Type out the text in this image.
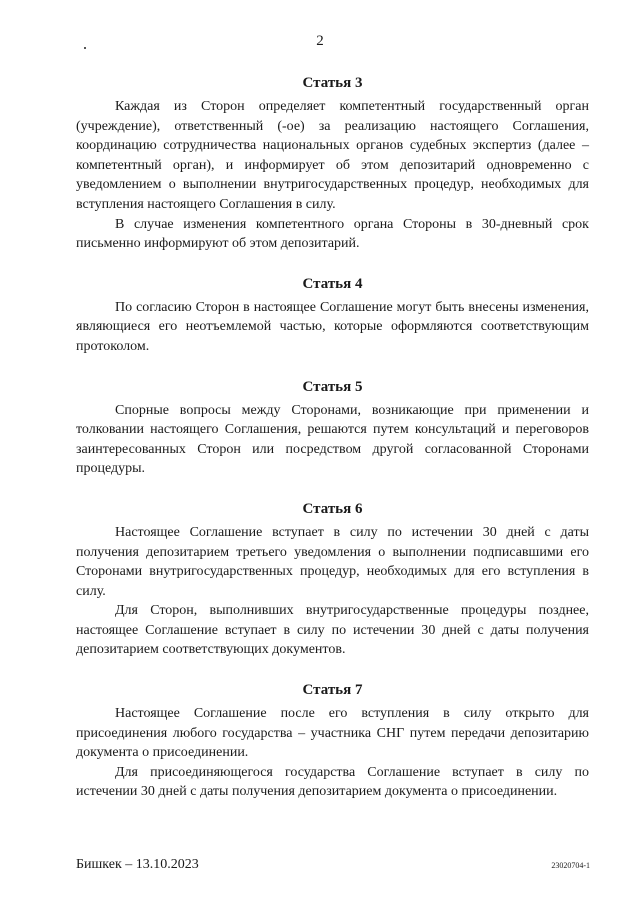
2
Статья 3

Каждая из Сторон определяет компетентный государственный орган (учреждение), ответственный (-ое) за реализацию настоящего Соглашения, координацию сотрудничества национальных органов судебных экспертиз (далее – компетентный орган), и информирует об этом депозитарий одновременно с уведомлением о выполнении внутригосударственных процедур, необходимых для вступления настоящего Соглашения в силу.

В случае изменения компетентного органа Стороны в 30-дневный срок письменно информируют об этом депозитарий.

Статья 4

По согласию Сторон в настоящее Соглашение могут быть внесены изменения, являющиеся его неотъемлемой частью, которые оформляются соответствующим протоколом.

Статья 5

Спорные вопросы между Сторонами, возникающие при применении и толковании настоящего Соглашения, решаются путем консультаций и переговоров заинтересованных Сторон или посредством другой согласованной Сторонами процедуры.

Статья 6

Настоящее Соглашение вступает в силу по истечении 30 дней с даты получения депозитарием третьего уведомления о выполнении подписавшими его Сторонами внутригосударственных процедур, необходимых для его вступления в силу.

Для Сторон, выполнивших внутригосударственные процедуры позднее, настоящее Соглашение вступает в силу по истечении 30 дней с даты получения депозитарием соответствующих документов.

Статья 7

Настоящее Соглашение после его вступления в силу открыто для присоединения любого государства – участника СНГ путем передачи депозитарию документа о присоединении.

Для присоединяющегося государства Соглашение вступает в силу по истечении 30 дней с даты получения депозитарием документа о присоединении.

Бишкек – 13.10.2023	23020704-1
